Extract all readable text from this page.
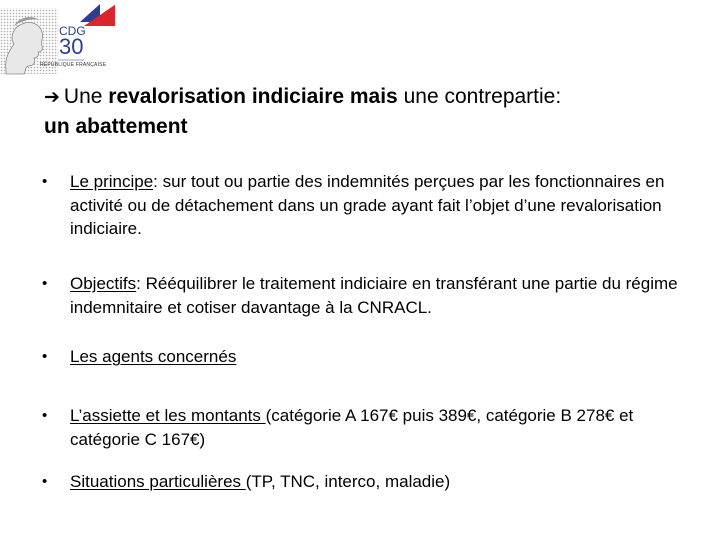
CDG
30
RÉPUBLIQUE FRANÇAISE
➔ Une revalorisation indiciaire mais une contrepartie:
un abattement
• Le principe: sur tout ou partie des indemnités perçues par les fonctionnaires en activité ou de détachement dans un grade ayant fait l’objet d’une revalorisation indiciaire.
• Objectifs: Rééquilibrer le traitement indiciaire en transférant une partie du régime indemnitaire et cotiser davantage à la CNRACL.
• Les agents concernés
• L’assiette et les montants (catégorie A 167€ puis 389€, catégorie B 278€ et catégorie C 167€)
• Situations particulières (TP, TNC, interco, maladie)
